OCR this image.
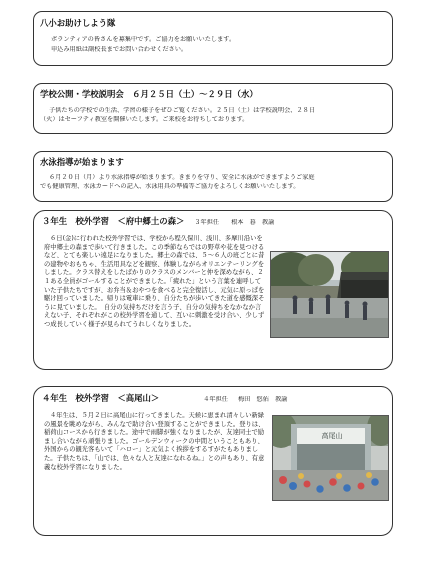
八小お助けしよう隊
ボランティアの皆さんを募集中です。ご協力をお願いいたします。
申込み用紙は副校長までお問い合わせください。
学校公開・学校説明会　６月２５日（土）～２９日（水）
子供たちの学校での生活、学習の様子をぜひご覧ください。２５日（土）は学校説明会、２８日
（火）はセーフティ教室を開催いたします。ご来校をお待ちしております。
水泳指導が始まります
６月２０日（月）より水泳指導が始まります。きまりを守り、安全に水泳ができますようご家庭
でも健康管理、水泳カードへの記入、水泳用具の準備等ご協力をよろしくお願いいたします。
３年生　校外学習　＜府中郷土の森＞ ３年担任 根本　暮　教諭
６日(金)に行われた校外学習では、学校から程久保川、浅川、多摩川沿いを府中郷土の森まで歩いて行きました。この季節ならではの野草や花を見つけるなど、とても楽しい遠足になりました。郷土の森では、５～６人の班ごとに昔の建物やおもちゃ、生活用具などを観察、体験しながらオリエンテーリングをしました。クラス替えをしたばかりのクラスのメンバーと仲を深めながら、２１ある全員がゴールすることができました。「疲れた」という言葉を連呼していた子供たちですが、お弁当＆おやつを食べると完全復活し、元気に原っぱを駆け回っていました。帰りは電車に乗り、自分たちが歩いてきた道を感慨深そうに見ていました。　自分の気持ちだけを言う子、自分の気持ちをなかなか言えない子、それぞれがこの校外学習を通して、互いに刺激を受け合い、少しずつ成長していく様子が見られてうれしくなりました。
４年生　校外学習　＜高尾山＞	４年担任 梅田　悠佑　教諭
４年生は、５月２日に高尾山に行ってきました。天候に恵まれ清々しい新緑の風景を眺めながら、みんなで助け合い登頂することができました。登りは、稲荷山コースから行きました。途中で雨脚が強くなりましたが、友達同士で励まし合いながら頑張りました。ゴールデンウィークの中間ということもあり、外国からの観光客もいて「ハロー」と元気よく挨拶をするすがたもありました。子供たちは、「山では、色々な人と友達になれるね。」との声もあり、有意義な校外学習になりました。
高尾山
